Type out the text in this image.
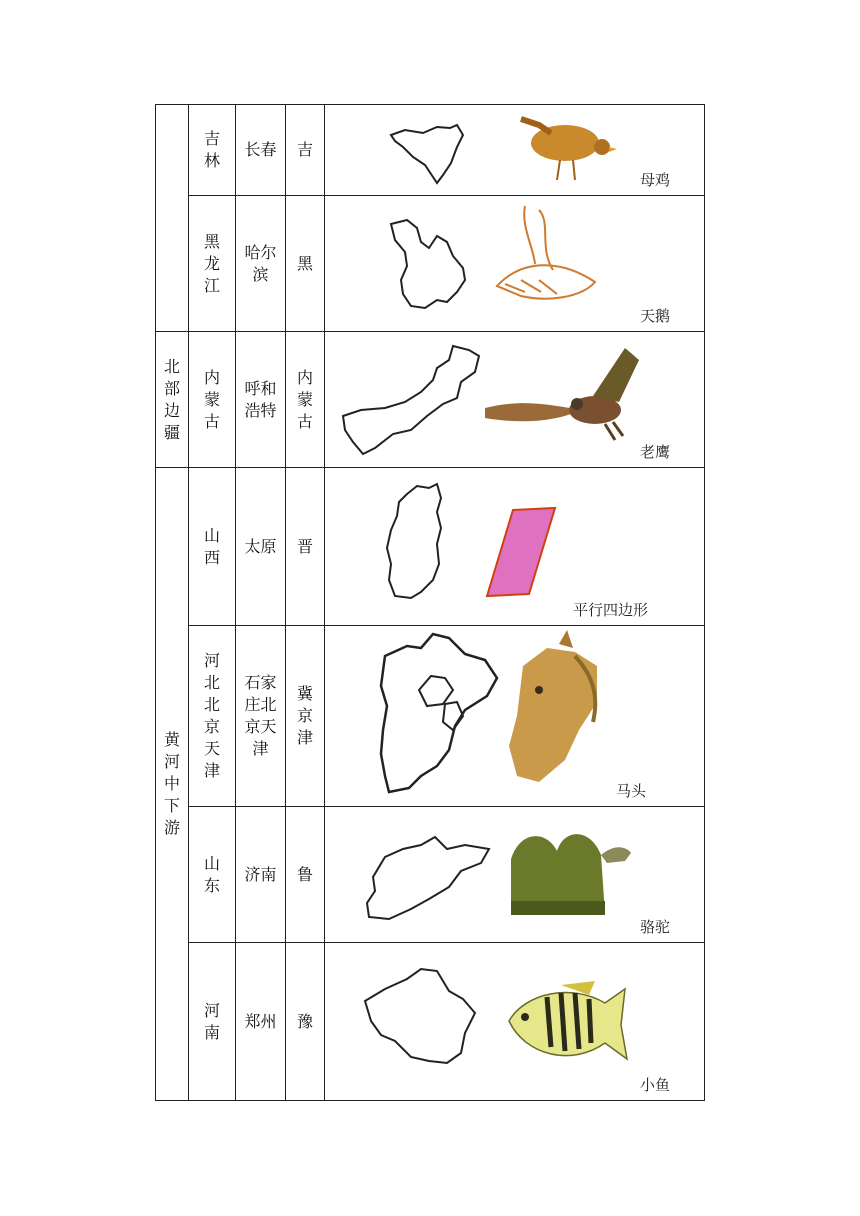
	吉林	长春	吉	母鸡

	黑龙江	哈尔滨	黑	天鹅

北部边疆	内蒙古	呼和浩特	内蒙古	老鹰

黄河中下游	山西	太原	晋	平行四边形

	河北北京天津	石家庄北京天津	冀京津	马头

	山东	济南	鲁	骆驼

	河南	郑州	豫	小鱼
